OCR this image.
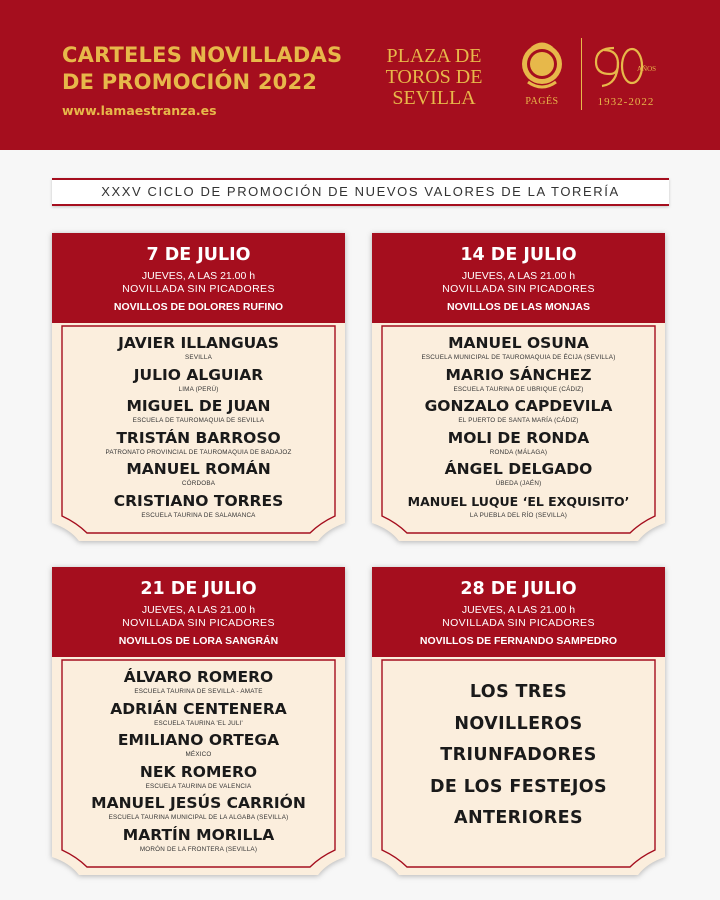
CARTELES NOVILLADAS
DE PROMOCIÓN 2022
www.lamaestranza.es
PLAZA DE
TOROS DE
SEVILLA	PAGÉS
AÑOS
1932-2022
XXXV CICLO DE PROMOCIÓN DE NUEVOS VALORES DE LA TORERÍA
7 DE JULIO
JUEVES, A LAS 21.00 h
NOVILLADA SIN PICADORES
NOVILLOS DE DOLORES RUFINO
JAVIER ILLANGUAS
SEVILLA
JULIO ALGUIAR
LIMA (PERÚ)
MIGUEL DE JUAN
ESCUELA DE TAUROMAQUIA DE SEVILLA
TRISTÁN BARROSO
PATRONATO PROVINCIAL DE TAUROMAQUIA DE BADAJOZ
MANUEL ROMÁN
CÓRDOBA
CRISTIANO TORRES
ESCUELA TAURINA DE SALAMANCA
14 DE JULIO
JUEVES, A LAS 21.00 h
NOVILLADA SIN PICADORES
NOVILLOS DE LAS MONJAS
MANUEL OSUNA
ESCUELA MUNICIPAL DE TAUROMAQUIA DE ÉCIJA (SEVILLA)
MARIO SÁNCHEZ
ESCUELA TAURINA DE UBRIQUE (CÁDIZ)
GONZALO CAPDEVILA
EL PUERTO DE SANTA MARÍA (CÁDIZ)
MOLI DE RONDA
RONDA (MÁLAGA)
ÁNGEL DELGADO
ÚBEDA (JAÉN)
MANUEL LUQUE ‘EL EXQUISITO’
LA PUEBLA DEL RÍO (SEVILLA)
21 DE JULIO
JUEVES, A LAS 21.00 h
NOVILLADA SIN PICADORES
NOVILLOS DE LORA SANGRÁN
ÁLVARO ROMERO
ESCUELA TAURINA DE SEVILLA - AMATE
ADRIÁN CENTENERA
ESCUELA TAURINA 'EL JULI'
EMILIANO ORTEGA
MÉXICO
NEK ROMERO
ESCUELA TAURINA DE VALENCIA
MANUEL JESÚS CARRIÓN
ESCUELA TAURINA MUNICIPAL DE LA ALGABA (SEVILLA)
MARTÍN MORILLA
MORÓN DE LA FRONTERA (SEVILLA)
28 DE JULIO
JUEVES, A LAS 21.00 h
NOVILLADA SIN PICADORES
NOVILLOS DE FERNANDO SAMPEDRO
LOS TRES
NOVILLEROS
TRIUNFADORES
DE LOS FESTEJOS
ANTERIORES
